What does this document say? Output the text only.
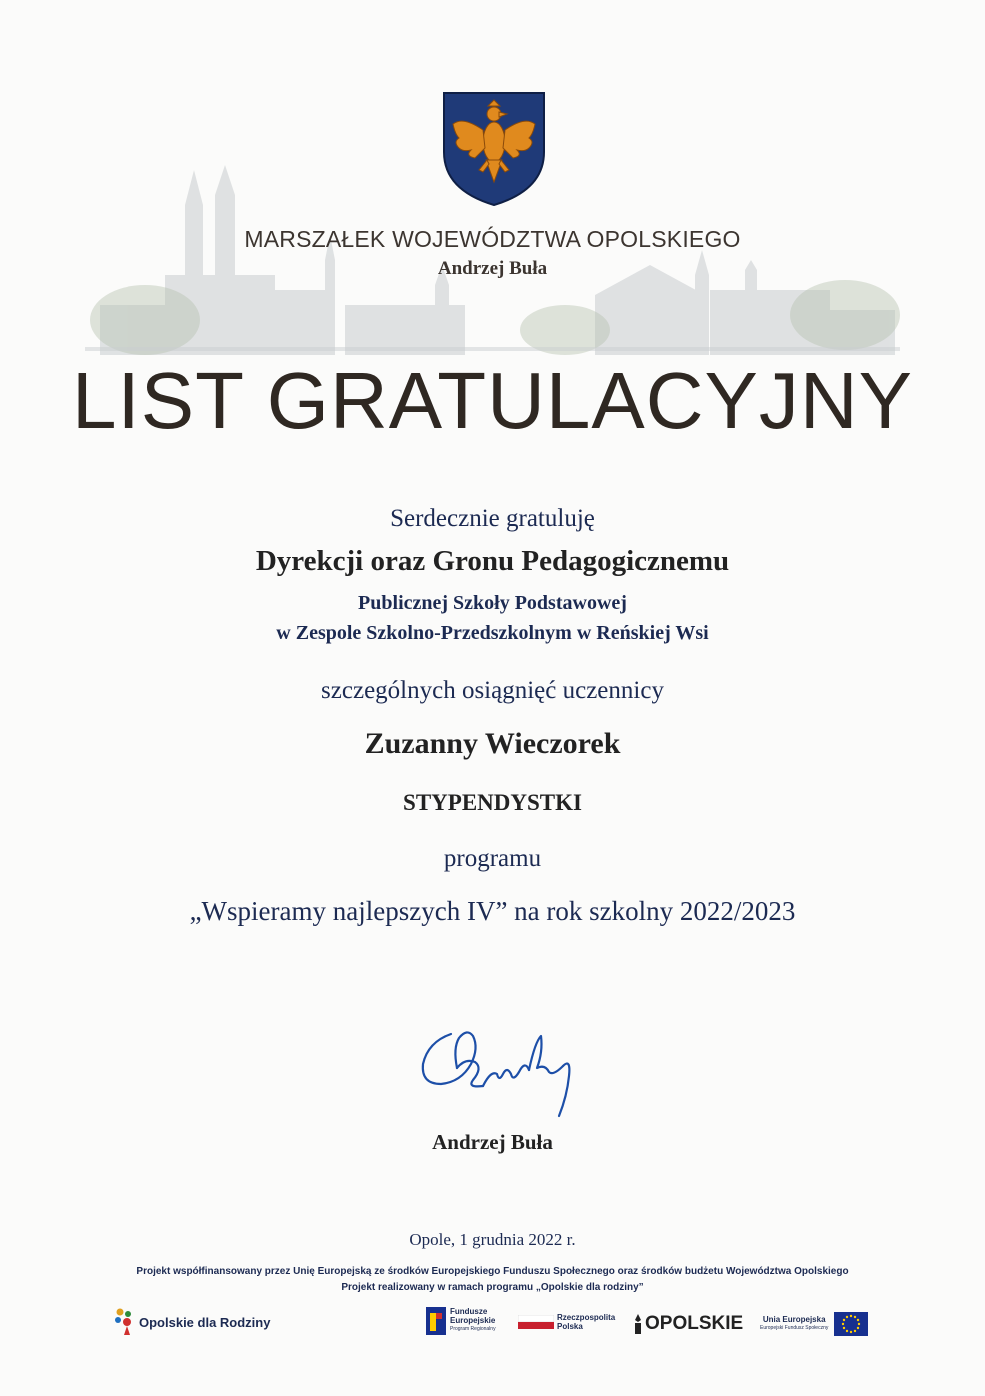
MARSZAŁEK WOJEWÓDZTWA OPOLSKIEGO
Andrzej Buła
LIST GRATULACYJNY
Serdecznie gratuluję
Dyrekcji oraz Gronu Pedagogicznemu
Publicznej Szkoły Podstawowej
w Zespole Szkolno-Przedszkolnym w Reńskiej Wsi
szczególnych osiągnięć uczennicy
Zuzanny Wieczorek
STYPENDYSTKI
programu
„Wspieramy najlepszych IV” na rok szkolny 2022/2023
Andrzej Buła
Opole, 1 grudnia 2022 r.
Projekt współfinansowany przez Unię Europejską ze środków Europejskiego Funduszu Społecznego oraz środków budżetu Województwa Opolskiego
Projekt realizowany w ramach programu „Opolskie dla rodziny”
Opolskie dla Rodziny
Fundusze
Europejskie
Program Regionalny
Rzeczpospolita
Polska	OPOLSKIE Unia Europejska
Europejski Fundusz Społeczny
